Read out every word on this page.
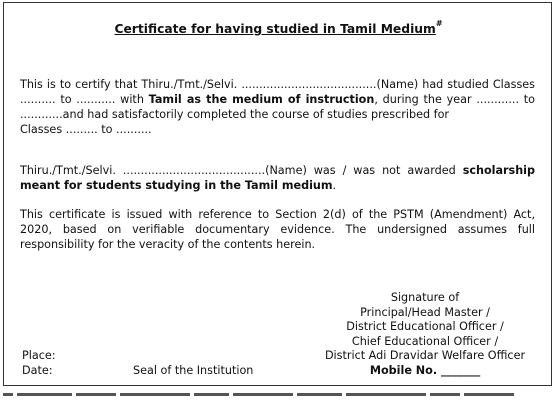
Certificate for having studied in Tamil Medium#
This is to certify that Thiru./Tmt./Selvi. ......................................(Name) had studied Classes .......... to ........... with Tamil as the medium of instruction, during the year ............ to ............and had satisfactorily completed the course of studies prescribed for
Classes ......... to ..........
Thiru./Tmt./Selvi. ........................................(Name) was / was not awarded scholarship meant for students studying in the Tamil medium.
This certificate is issued with reference to Section 2(d) of the PSTM (Amendment) Act, 2020, based on verifiable documentary evidence. The undersigned assumes full responsibility for the veracity of the contents herein.
Signature of
Principal/Head Master /
District Educational Officer /
Chief Educational Officer /
District Adi Dravidar Welfare Officer
Mobile No. _______
Place:
Date:	Seal of the Institution
